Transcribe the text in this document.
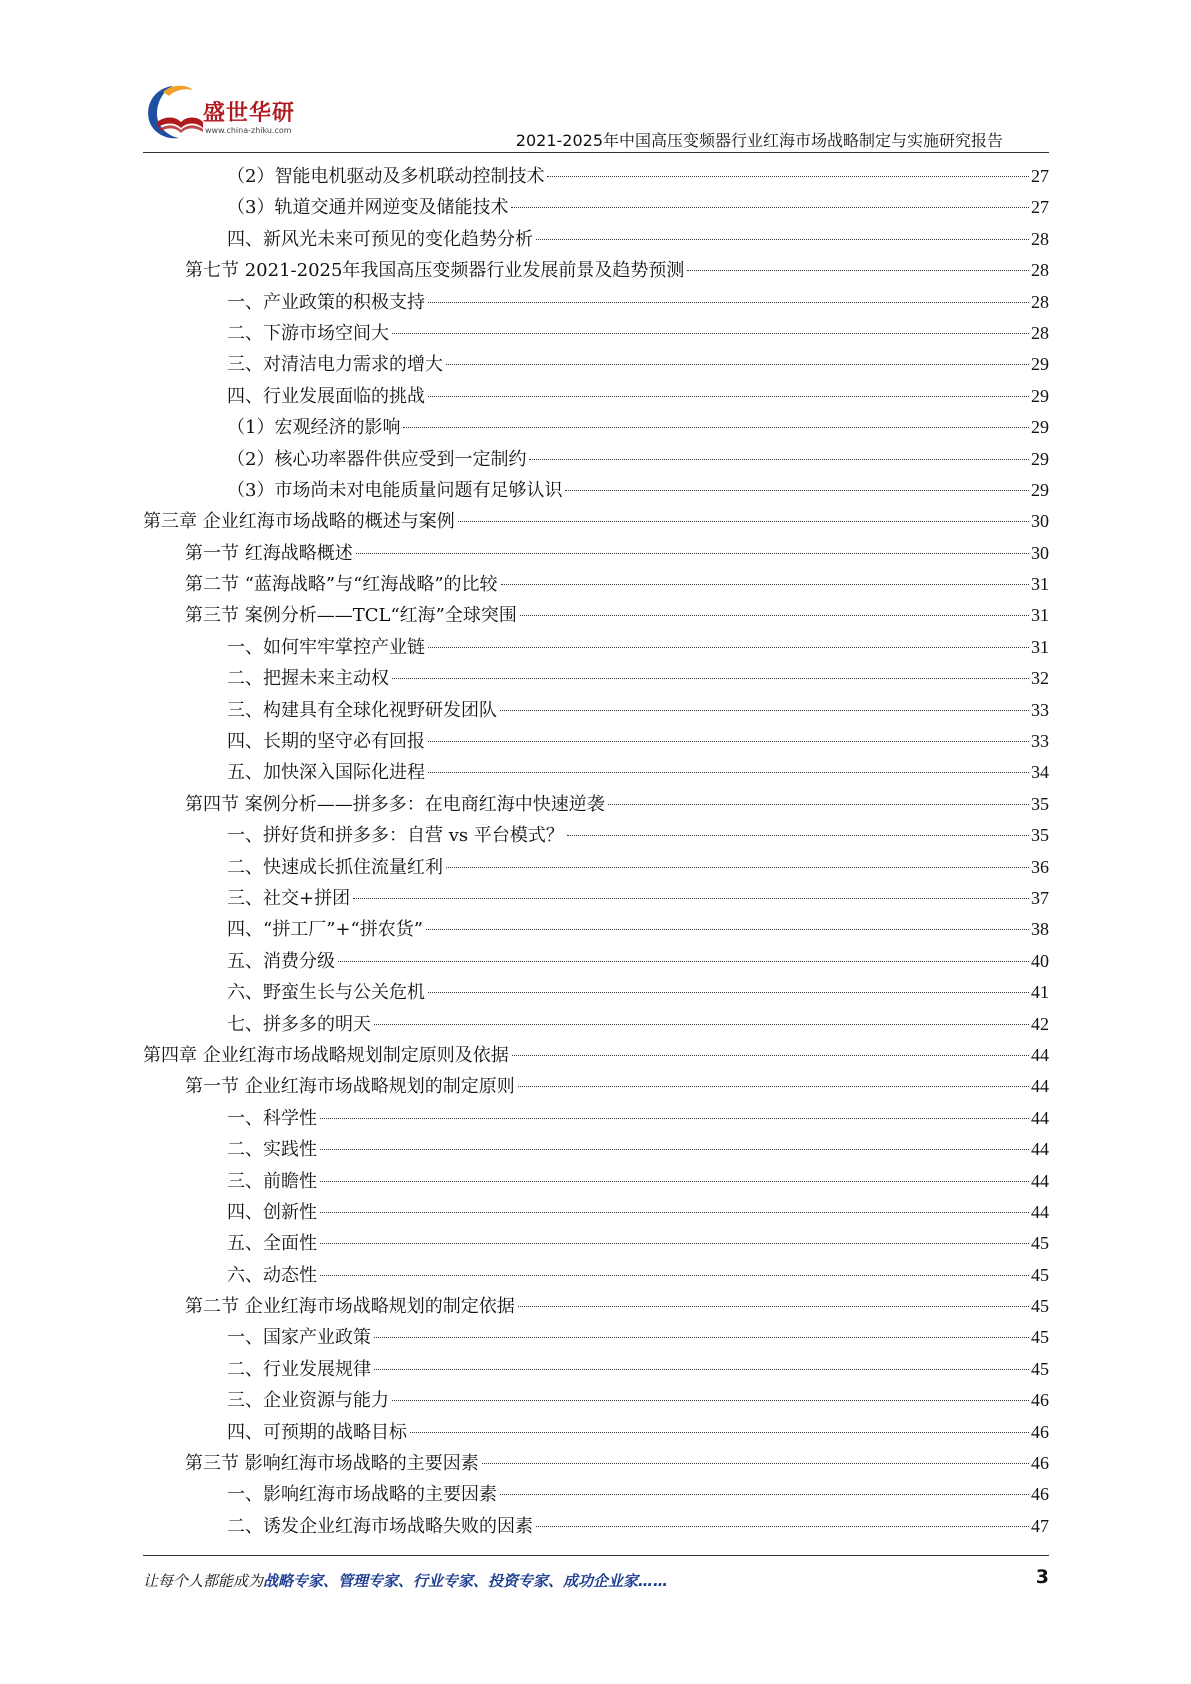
盛世华研
www.china-zhiku.com
2021-2025年中国高压变频器行业红海市场战略制定与实施研究报告
（2）智能电机驱动及多机联动控制技术	27
（3）轨道交通并网逆变及储能技术	27
四、新风光未来可预见的变化趋势分析	28
第七节 2021-2025年我国高压变频器行业发展前景及趋势预测	28
一、产业政策的积极支持	28
二、下游市场空间大	28
三、对清洁电力需求的增大	29
四、行业发展面临的挑战	29
（1）宏观经济的影响	29
（2）核心功率器件供应受到一定制约	29
（3）市场尚未对电能质量问题有足够认识	29
第三章 企业红海市场战略的概述与案例	30
第一节 红海战略概述	30
第二节 “蓝海战略”与“红海战略”的比较	31
第三节 案例分析——TCL“红海”全球突围	31
一、如何牢牢掌控产业链	31
二、把握未来主动权	32
三、构建具有全球化视野研发团队	33
四、长期的坚守必有回报	33
五、加快深入国际化进程	34
第四节 案例分析——拼多多：在电商红海中快速逆袭	35
一、拼好货和拼多多：自营 vs 平台模式？	35
二、快速成长抓住流量红利	36
三、社交+拼团	37
四、“拼工厂”+“拼农货”	38
五、消费分级	40
六、野蛮生长与公关危机	41
七、拼多多的明天	42
第四章 企业红海市场战略规划制定原则及依据	44
第一节 企业红海市场战略规划的制定原则	44
一、科学性	44
二、实践性	44
三、前瞻性	44
四、创新性	44
五、全面性	45
六、动态性	45
第二节 企业红海市场战略规划的制定依据	45
一、国家产业政策	45
二、行业发展规律	45
三、企业资源与能力	46
四、可预期的战略目标	46
第三节 影响红海市场战略的主要因素	46
一、影响红海市场战略的主要因素	46
二、诱发企业红海市场战略失败的因素	47
让每个人都能成为战略专家、管理专家、行业专家、投资专家、成功企业家……	3
